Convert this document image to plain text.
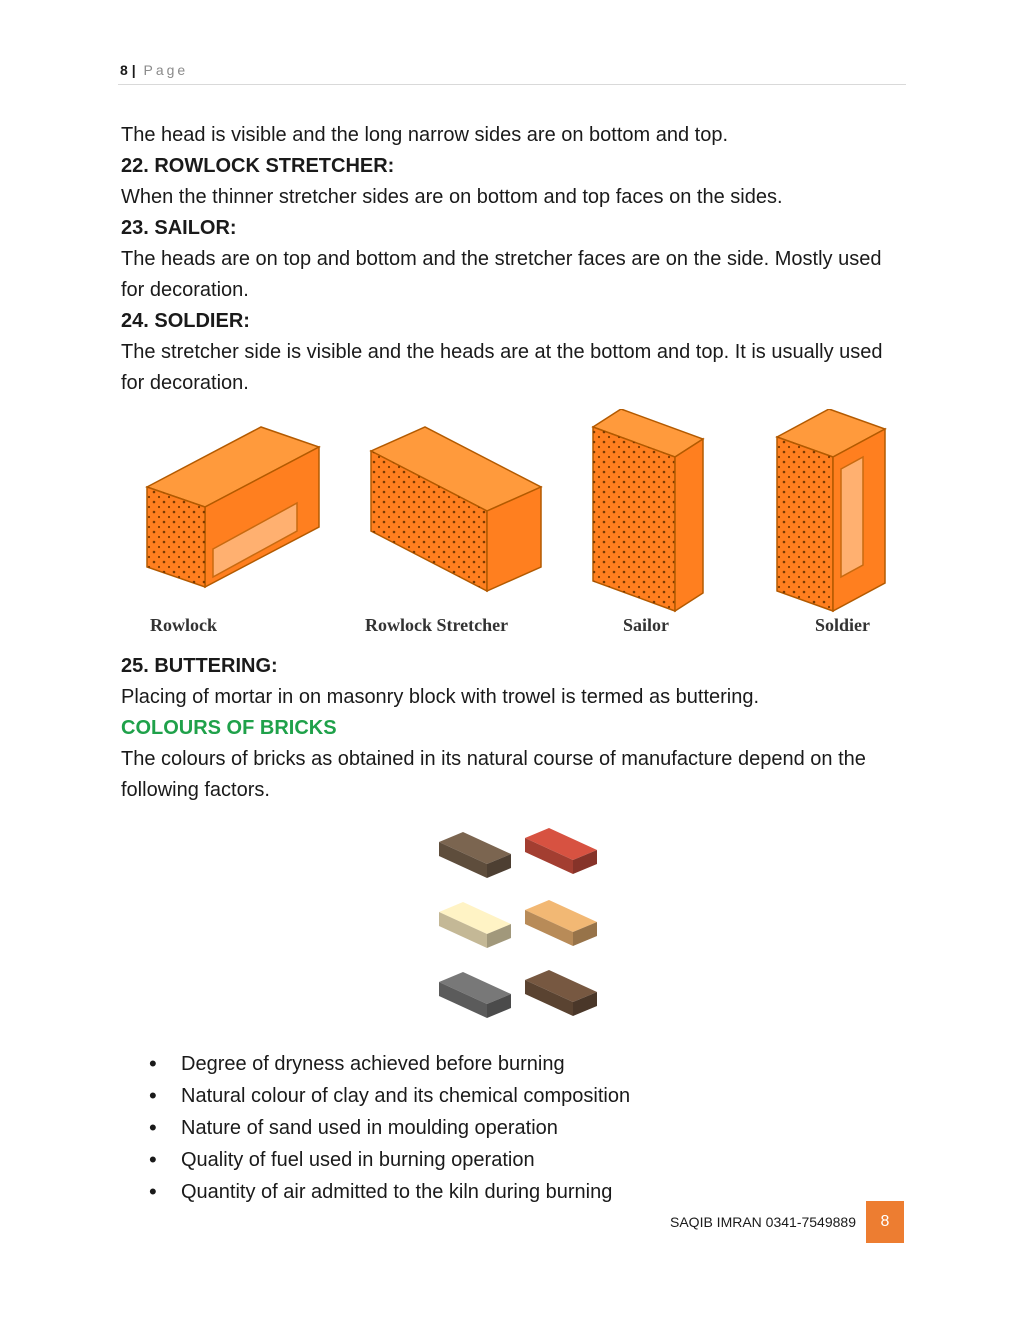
8 | Page

The head is visible and the long narrow sides are on bottom and top.

22. ROWLOCK STRETCHER:

When the thinner stretcher sides are on bottom and top faces on the sides.

23. SAILOR:

The heads are on top and bottom and the stretcher faces are on the side. Mostly used for decoration.

24. SOLDIER:

The stretcher side is visible and the heads are at the bottom and top. It is usually used for decoration.

Rowlock	Rowlock Stretcher	Sailor	Soldier

25. BUTTERING:

Placing of mortar in on masonry block with trowel is termed as buttering.

COLOURS OF BRICKS

The colours of bricks as obtained in its natural course of manufacture depend on the following factors.

• Degree of dryness achieved before burning
• Natural colour of clay and its chemical composition
• Nature of sand used in moulding operation
• Quality of fuel used in burning operation
• Quantity of air admitted to the kiln during burning
SAQIB IMRAN 0341-7549889	8
